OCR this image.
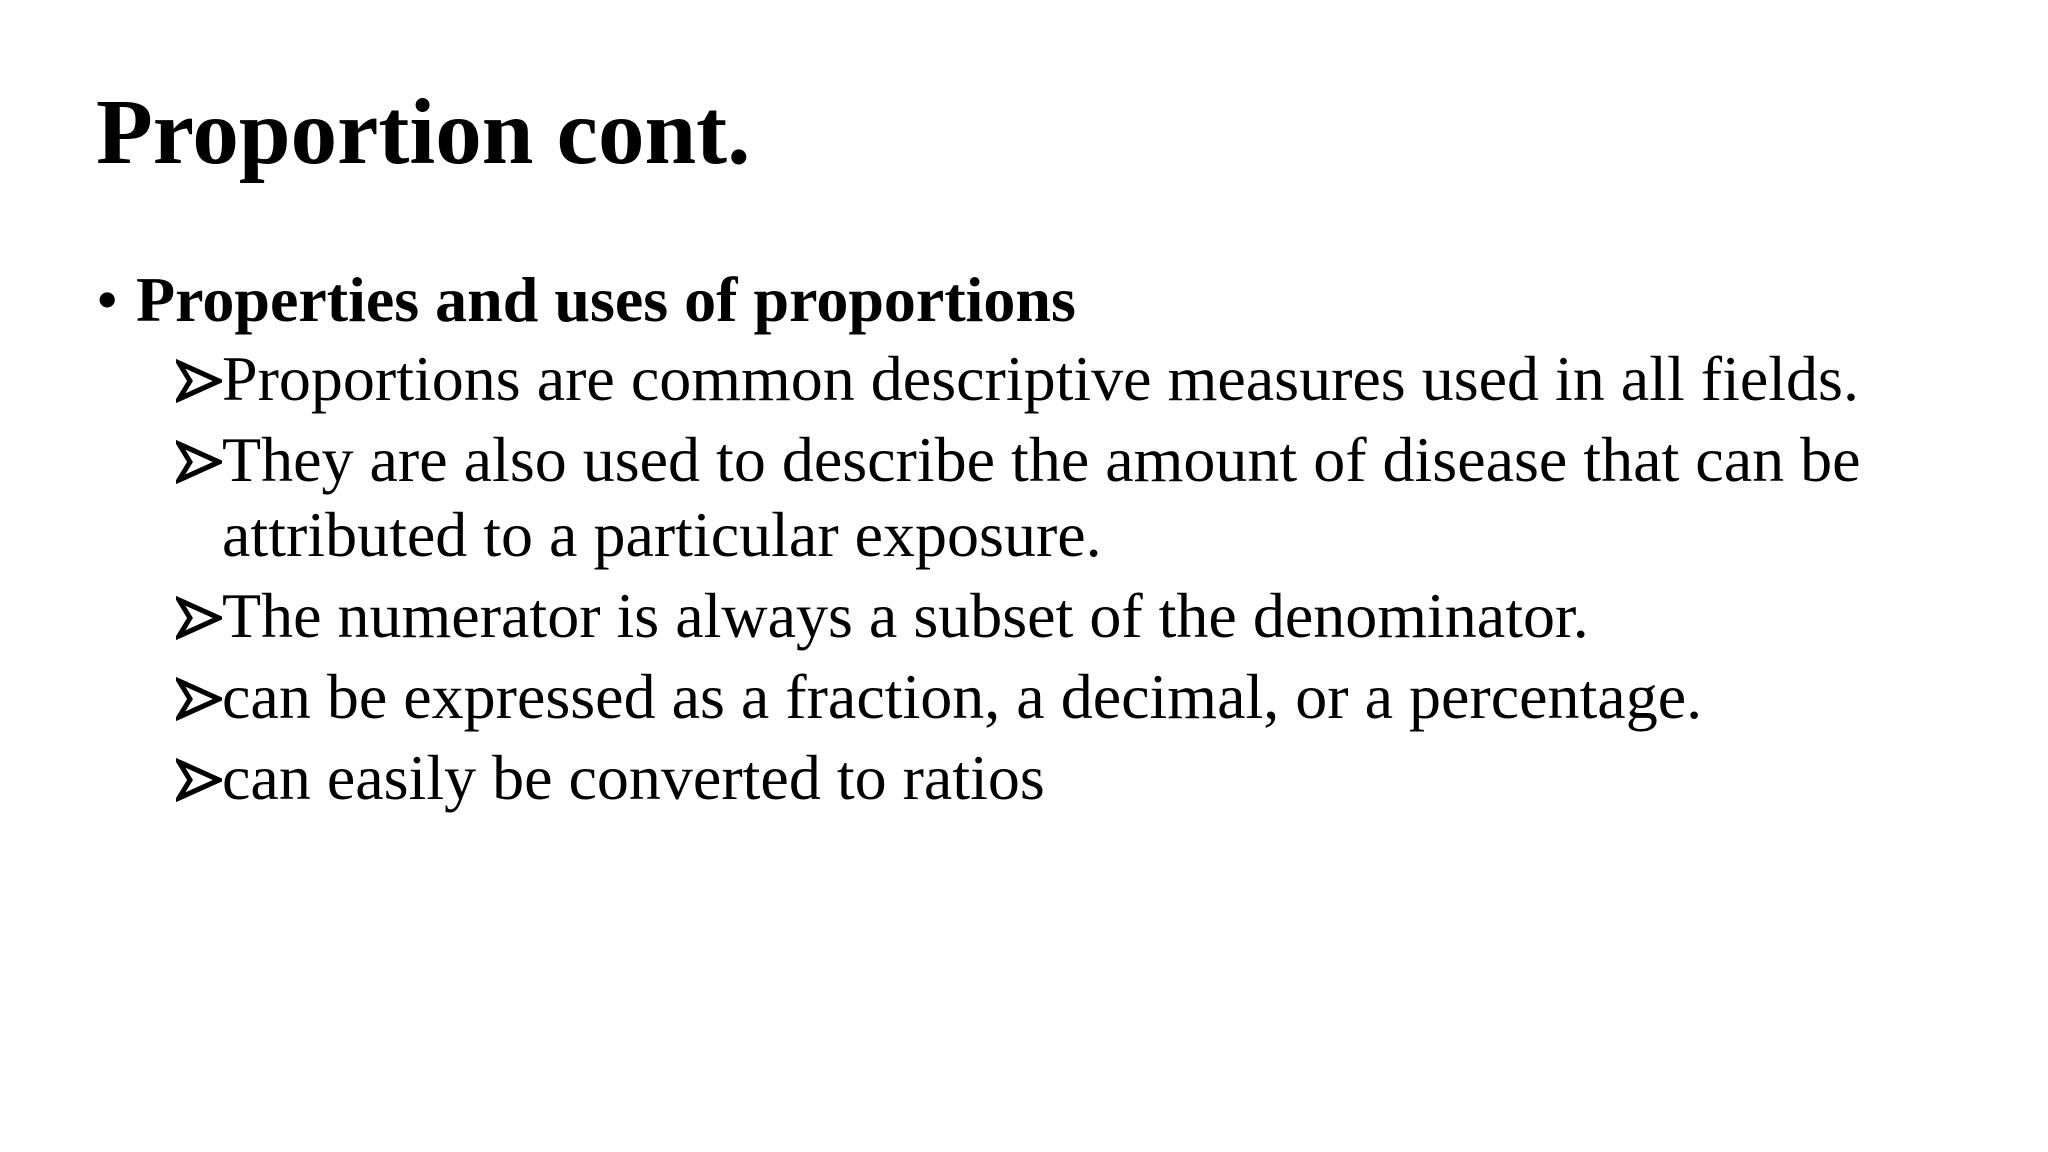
Proportion cont.
• Properties and uses of proportions
Proportions are common descriptive measures used in all fields.
They are also used to describe the amount of disease that can be attributed to a particular exposure.
The numerator is always a subset of the denominator.
can be expressed as a fraction, a decimal, or a percentage.
can easily be converted to ratios
